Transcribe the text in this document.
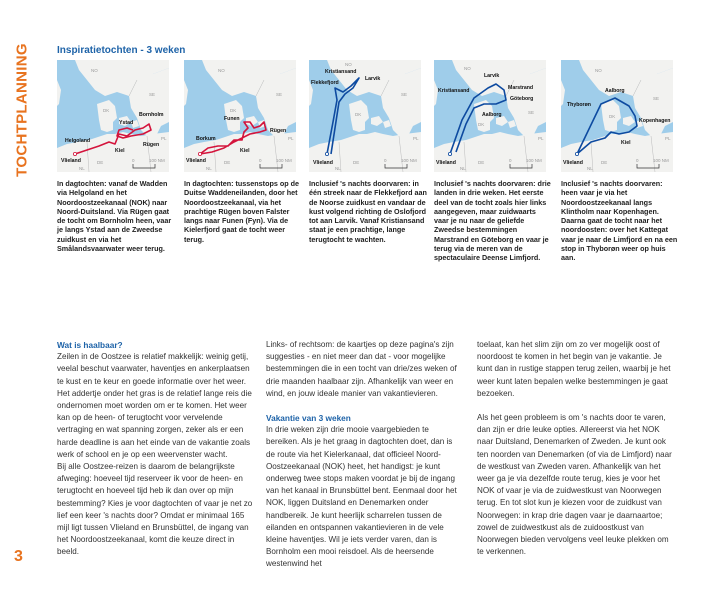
TOCHTPLANNING
3
Inspiratietochten - 3 weken
NO
SE
DK
DE
NL
PL
Helgoland
Ystad
Bornholm
Rügen
Kiel
Vlieland	0	100 NM
In dagtochten: vanaf de Wadden via Helgoland en het Noordoostzeekanaal (NOK) naar Noord-Duitsland. Via Rügen gaat de tocht om Bornholm heen, vaar je langs Ystad aan de Zweedse zuidkust en via het Smålandsvaarwater weer terug.
NO
SE
DK
DE
NL
PL
Funen
Borkum
Rügen
Kiel
Vlieland	0	100 NM
In dagtochten: tussenstops op de Duitse Waddeneilanden, door het Noordoostzeekanaal, via het prachtige Rügen boven Falster langs naar Funen (Fyn). Via de Kielerfjord gaat de tocht weer terug.
NO
SE
DK
DE
NL
PL
Kristiansand
Larvik
Flekkefjord
Vlieland	0	100 NM
Inclusief 's nachts doorvaren: in één streek naar de Flekkefjord aan de Noorse zuidkust en vandaar de kust volgend richting de Oslofjord tot aan Larvik. Vanaf Kristiansand staat je een prachtige, lange terugtocht te wachten.
NO
SE
DK
DE
NL
PL
Larvik
Kristiansand	Marstrand
Göteborg
Aalborg
Vlieland	0	100 NM
Inclusief 's nachts doorvaren: drie landen in drie weken. Het eerste deel van de tocht zoals hier links aangegeven, maar zuidwaarts vaar je nu naar de geliefde Zweedse bestemmingen Marstrand en Göteborg en vaar je terug via de meren van de spectaculaire Deense Limfjord.
NO
SE
DK
DE
NL
PL
Aalborg
Thyborøn
Kopenhagen
Kiel
Vlieland	0	100 NM
Inclusief 's nachts doorvaren: heen vaar je via het Noordoostzeekanaal langs Klintholm naar Kopenhagen. Daarna gaat de tocht naar het noordoosten: over het Kattegat vaar je naar de Limfjord en na een stop in Thyborøn weer op huis aan.
Wat is haalbaar?

Zeilen in de Oostzee is relatief makkelijk: weinig getij, veelal beschut vaarwater, haventjes en ankerplaatsen te kust en te keur en goede informatie over het weer. Het addertje onder het gras is de relatief lange reis die ondernomen moet worden om er te komen. Het weer kan op de heen- of terugtocht voor vervelende vertraging en wat spanning zorgen, zeker als er een harde deadline is aan het einde van de vakantie zoals werk of school en je op een weervenster wacht.

Bij alle Oostzee-reizen is daarom de belangrijkste afweging: hoeveel tijd reserveer ik voor de heen- en terugtocht en hoeveel tijd heb ik dan over op mijn bestemming? Kies je voor dagtochten of vaar je net zo lief een keer 's nachts door? Omdat er minimaal 165 mijl ligt tussen Vlieland en Brunsbüttel, de ingang van het Noordoostzeekanaal, komt die keuze direct in beeld.

Links- of rechtsom: de kaartjes op deze pagina's zijn suggesties - en niet meer dan dat - voor mogelijke bestemmingen die in een tocht van drie/zes weken of drie maanden haalbaar zijn. Afhankelijk van weer en wind, en jouw ideale manier van vakantievieren.

Vakantie van 3 weken

In drie weken zijn drie mooie vaargebieden te bereiken. Als je het graag in dagtochten doet, dan is de route via het Kielerkanaal, dat officieel Noord-Oostzeekanaal (NOK) heet, het handigst: je kunt onderweg twee stops maken voordat je bij de ingang van het kanaal in Brunsbüttel bent. Eenmaal door het NOK, liggen Duitsland en Denemarken onder handbereik. Je kunt heerlijk scharrelen tussen de eilanden en ontspannen vakantievieren in de vele kleine haventjes. Wil je iets verder varen, dan is Bornholm een mooi reisdoel. Als de heersende westenwind het

toelaat, kan het slim zijn om zo ver mogelijk oost of noordoost te komen in het begin van je vakantie. Je kunt dan in rustige stappen terug zeilen, waarbij je het weer kunt laten bepalen welke bestemmingen je gaat bezoeken.

Als het geen probleem is om 's nachts door te varen, dan zijn er drie leuke opties. Allereerst via het NOK naar Duitsland, Denemarken of Zweden. Je kunt ook ten noorden van Denemarken (of via de Limfjord) naar de westkust van Zweden varen. Afhankelijk van het weer ga je via dezelfde route terug, kies je voor het NOK of vaar je via de zuidwestkust van Noorwegen terug. En tot slot kun je kiezen voor de zuidkust van Noorwegen: in krap drie dagen vaar je daarnaartoe; zowel de zuidwestkust als de zuidoostkust van Noorwegen bieden vervolgens veel leuke plekken om te verkennen.
